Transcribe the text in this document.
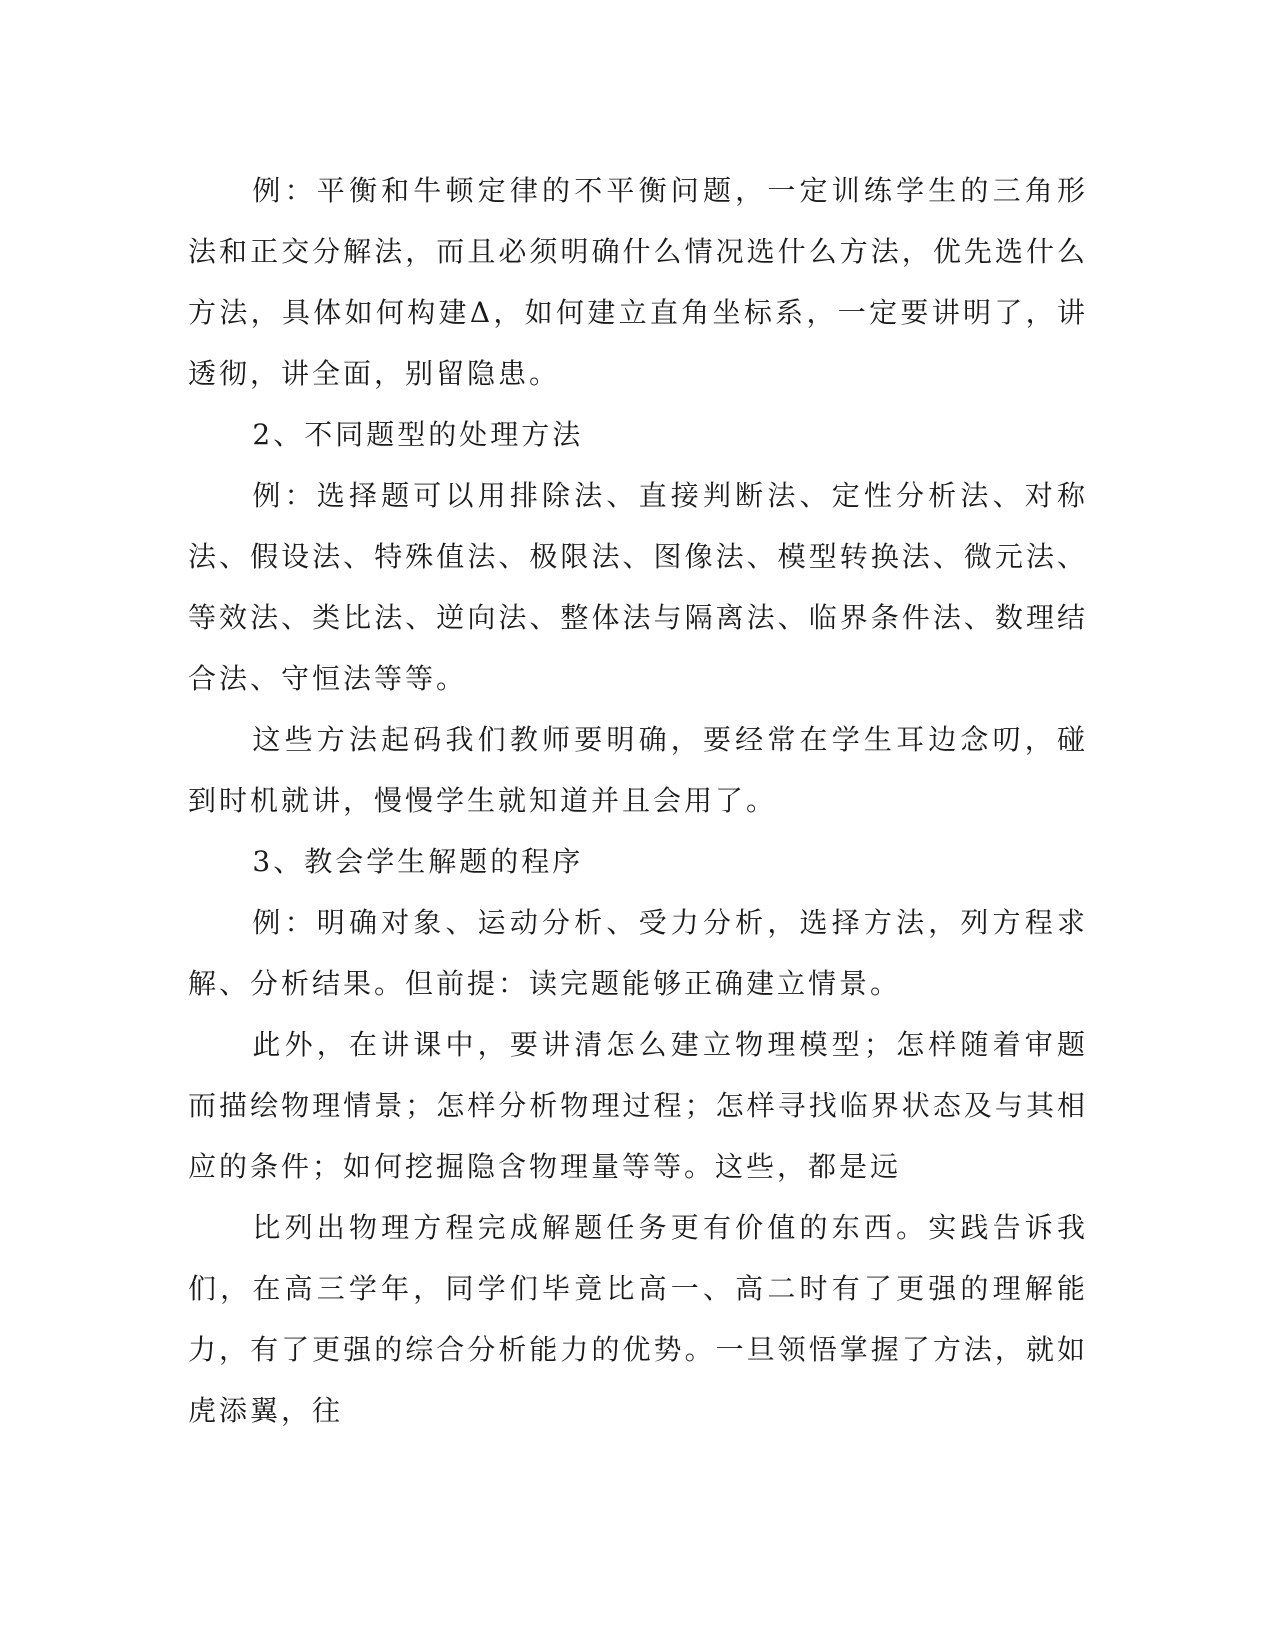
例：平衡和牛顿定律的不平衡问题，一定训练学生的三角形法和正交分解法，而且必须明确什么情况选什么方法，优先选什么方法，具体如何构建Δ，如何建立直角坐标系，一定要讲明了，讲透彻，讲全面，别留隐患。

2、不同题型的处理方法

例：选择题可以用排除法、直接判断法、定性分析法、对称法、假设法、特殊值法、极限法、图像法、模型转换法、微元法、等效法、类比法、逆向法、整体法与隔离法、临界条件法、数理结合法、守恒法等等。

这些方法起码我们教师要明确，要经常在学生耳边念叨，碰到时机就讲，慢慢学生就知道并且会用了。

3、教会学生解题的程序

例：明确对象、运动分析、受力分析，选择方法，列方程求解、分析结果。但前提：读完题能够正确建立情景。

此外，在讲课中，要讲清怎么建立物理模型；怎样随着审题而描绘物理情景；怎样分析物理过程；怎样寻找临界状态及与其相应的条件；如何挖掘隐含物理量等等。这些，都是远

比列出物理方程完成解题任务更有价值的东西。实践告诉我们，在高三学年，同学们毕竟比高一、高二时有了更强的理解能力，有了更强的综合分析能力的优势。一旦领悟掌握了方法，就如虎添翼，往
